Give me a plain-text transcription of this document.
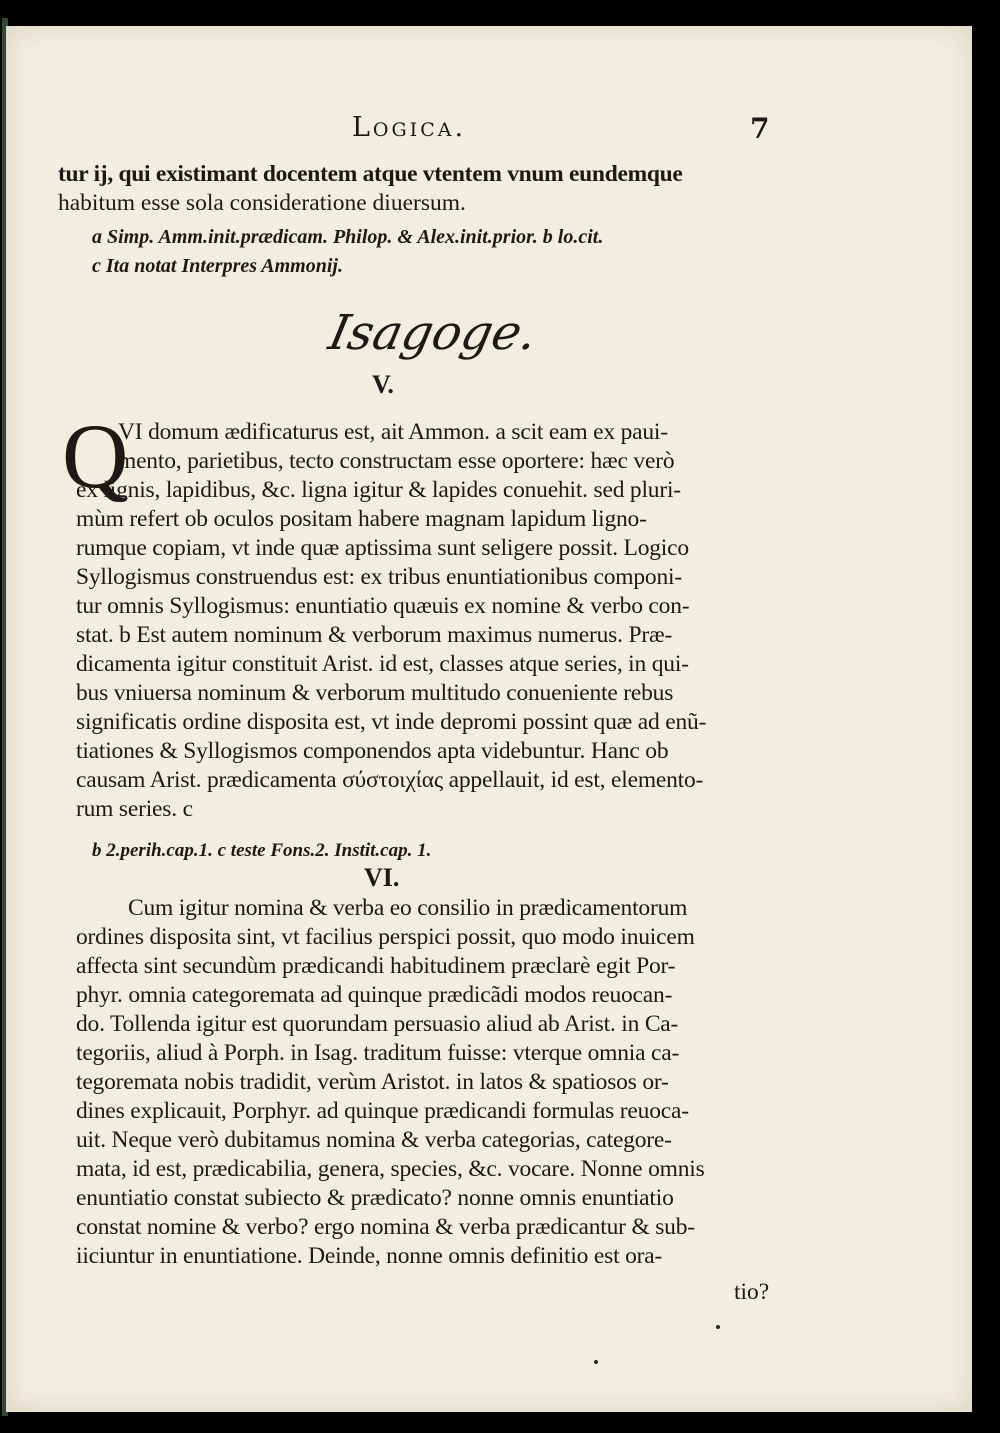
Logica.	7
tur ij, qui existimant docentem atque vtentem vnum eundemque
habitum esse sola consideratione diuersum.
a Simp. Amm.init.prædicam. Philop. & Alex.init.prior. b lo.cit.
c Ita notat Interpres Ammonij.
Isagoge.
V.
Q
VI domum ædificaturus est, ait Ammon. a scit eam ex paui-
mento, parietibus, tecto constructam esse oportere: hæc verò
ex lignis, lapidibus, &c. ligna igitur & lapides conuehit. sed pluri-
mùm refert ob oculos positam habere magnam lapidum ligno-
rumque copiam, vt inde quæ aptissima sunt seligere possit. Logico
Syllogismus construendus est: ex tribus enuntiationibus componi-
tur omnis Syllogismus: enuntiatio quæuis ex nomine & verbo con-
stat. b Est autem nominum & verborum maximus numerus. Præ-
dicamenta igitur constituit Arist. id est, classes atque series, in qui-
bus vniuersa nominum & verborum multitudo conueniente rebus
significatis ordine disposita est, vt inde depromi possint quæ ad enũ-
tiationes & Syllogismos componendos apta videbuntur. Hanc ob
causam Arist. prædicamenta σύστοιχίας appellauit, id est, elemento-
rum series. c
b 2.perih.cap.1. c teste Fons.2. Instit.cap. 1.
VI.
Cum igitur nomina & verba eo consilio in prædicamentorum
ordines disposita sint, vt facilius perspici possit, quo modo inuicem
affecta sint secundùm prædicandi habitudinem præclarè egit Por-
phyr. omnia categoremata ad quinque prædicãdi modos reuocan-
do. Tollenda igitur est quorundam persuasio aliud ab Arist. in Ca-
tegoriis, aliud à Porph. in Isag. traditum fuisse: vterque omnia ca-
tegoremata nobis tradidit, verùm Aristot. in latos & spatiosos or-
dines explicauit, Porphyr. ad quinque prædicandi formulas reuoca-
uit. Neque verò dubitamus nomina & verba categorias, categore-
mata, id est, prædicabilia, genera, species, &c. vocare. Nonne omnis
enuntiatio constat subiecto & prædicato? nonne omnis enuntiatio
constat nomine & verbo? ergo nomina & verba prædicantur & sub-
iiciuntur in enuntiatione. Deinde, nonne omnis definitio est ora-
tio?
